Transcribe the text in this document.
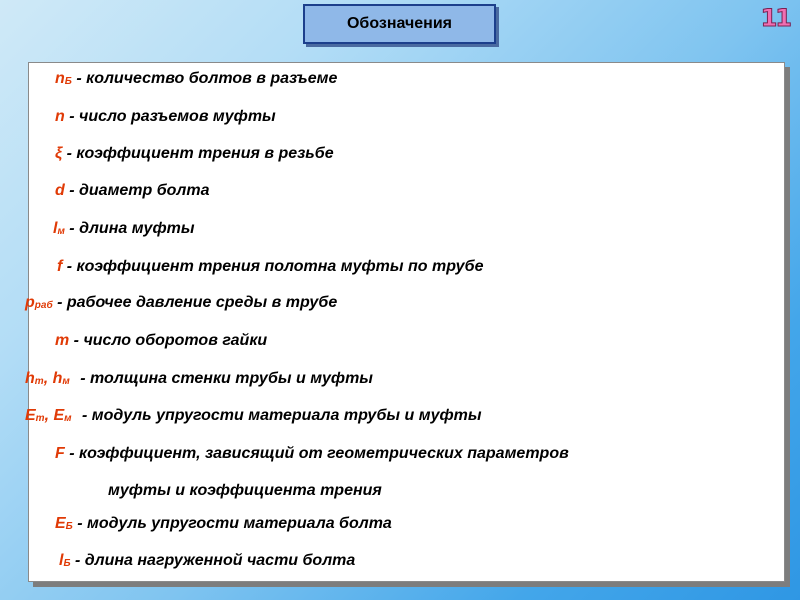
Обозначения	11
nБ - количество болтов в разъеме
n - число разъемов муфты
ξ - коэффициент трения в резьбе
d - диаметр болта
lм - длина муфты
f - коэффициент трения полотна муфты по трубе
pраб - рабочее давление среды в трубе
m - число оборотов гайки
hт, hм - толщина стенки трубы и муфты
Eт, Eм - модуль упругости материала трубы и муфты
F - коэффициент, зависящий от геометрических параметров
муфты и коэффициента трения
EБ - модуль упругости материала болта
lБ - длина нагруженной части болта
